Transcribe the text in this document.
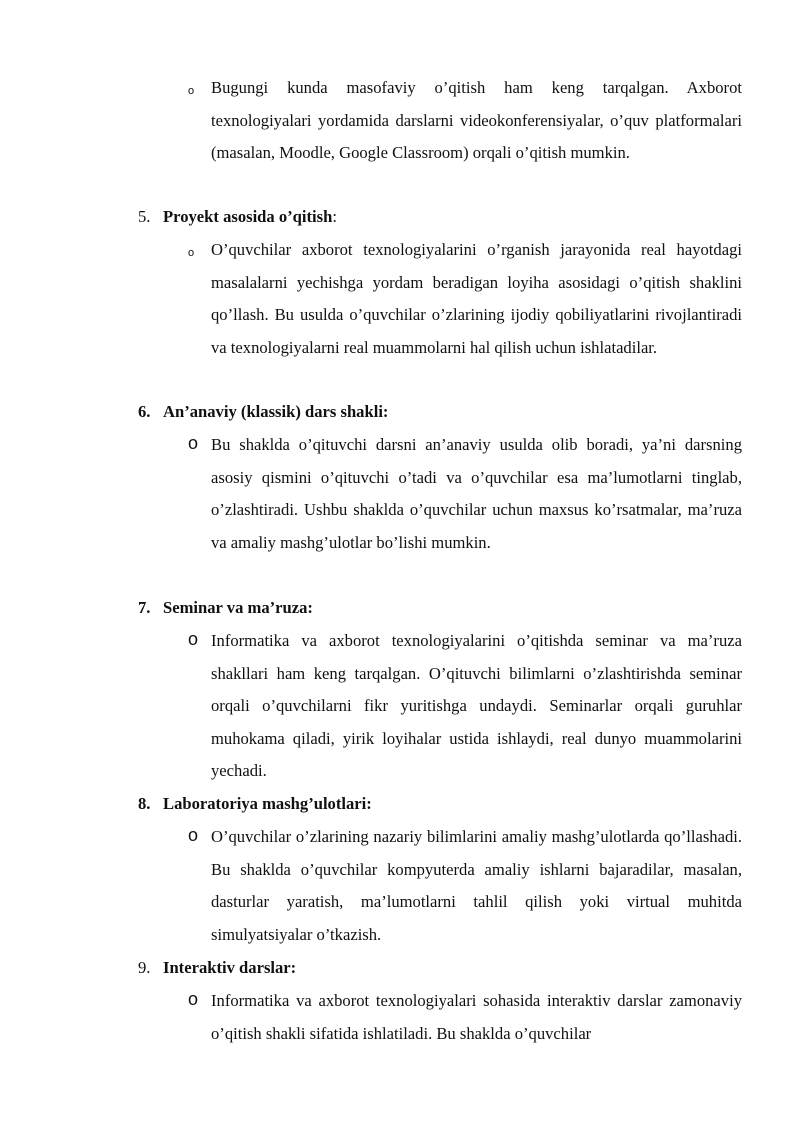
o Bugungi kunda masofaviy o’qitish ham keng tarqalgan. Axborot texnologiyalari yordamida darslarni videokonferensiyalar, o’quv platformalari (masalan, Moodle, Google Classroom) orqali o’qitish mumkin.

5. Proyekt asosida o’qitish:
o O’quvchilar axborot texnologiyalarini o’rganish jarayonida real hayotdagi masalalarni yechishga yordam beradigan loyiha asosidagi o’qitish shaklini qo’llash. Bu usulda o’quvchilar o’zlarining ijodiy qobiliyatlarini rivojlantiradi va texnologiyalarni real muammolarni hal qilish uchun ishlatadilar.

6. An’anaviy (klassik) dars shakli:
o Bu shaklda o’qituvchi darsni an’anaviy usulda olib boradi, ya’ni darsning asosiy qismini o’qituvchi o’tadi va o’quvchilar esa ma’lumotlarni tinglab, o’zlashtiradi. Ushbu shaklda o’quvchilar uchun maxsus ko’rsatmalar, ma’ruza va amaliy mashg’ulotlar bo’lishi mumkin.

7. Seminar va ma’ruza:
o Informatika va axborot texnologiyalarini o’qitishda seminar va ma’ruza shakllari ham keng tarqalgan. O’qituvchi bilimlarni o’zlashtirishda seminar orqali o’quvchilarni fikr yuritishga undaydi. Seminarlar orqali guruhlar muhokama qiladi, yirik loyihalar ustida ishlaydi, real dunyo muammolarini yechadi.

8. Laboratoriya mashg’ulotlari:
o O’quvchilar o’zlarining nazariy bilimlarini amaliy mashg’ulotlarda qo’llashadi. Bu shaklda o’quvchilar kompyuterda amaliy ishlarni bajaradilar, masalan, dasturlar yaratish, ma’lumotlarni tahlil qilish yoki virtual muhitda simulyatsiyalar o’tkazish.

9. Interaktiv darslar:
o Informatika va axborot texnologiyalari sohasida interaktiv darslar zamonaviy o’qitish shakli sifatida ishlatiladi. Bu shaklda o’quvchilar
